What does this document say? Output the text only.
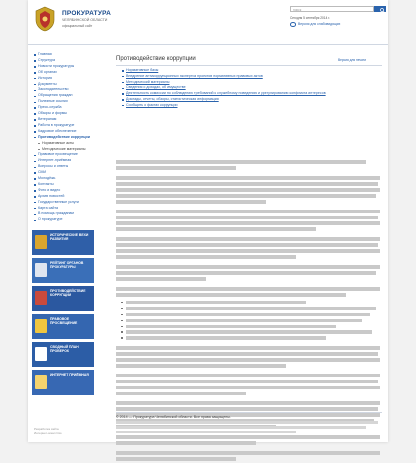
ПРОКУРАТУРА
ЧЕЛЯБИНСКОЙ ОБЛАСТИ
официальный сайт
поиск
Сегодня 5 сентября 2014 г.
Версия для слабовидящих
Главная
Структура
Новости прокуратуры
Об органах
История
Документы
Законодательство
Обращения граждан
Полезные ссылки
Пресс-служба
Обзоры и формы
Ветеранам
Работа в прокуратуре
Кадровое обеспечение
Противодействие коррупции
Нормативные акты
Методические материалы
Правовое просвещение
Интернет-приёмная
Вопросы и ответы
СМИ
Молодёжь
Контакты
Фото и видео
Архив новостей
Государственные услуги
Карта сайта
В помощь гражданам
О прокуратуре
ИСТОРИЧЕСКИЕ ВЕХИ РАЗВИТИЯ
РЕЙТИНГ ОРГАНОВ ПРОКУРАТУРЫ
ПРОТИВОДЕЙСТВИЕ КОРРУПЦИИ
ПРАВОВОЕ ПРОСВЕЩЕНИЕ
СВОДНЫЙ ПЛАН ПРОВЕРОК
ИНТЕРНЕТ ПРИЁМНАЯ
Разработка сайта
Интернет-агентство
Противодействие коррупции	Версия для печати
Нормативные базы
Внедрение антикоррупционных экспертиз проектов нормативных правовых актов
Методический материалы
Сведения о доходах, об имуществе
Деятельность комиссии по соблюдению требований к служебному поведению и урегулированию конфликта интересов
Доклады, отчеты, обзоры, статистическая информация
Сообщить о фактах коррупции
© 2014 — Прокуратура Челябинской области. Все права защищены.
